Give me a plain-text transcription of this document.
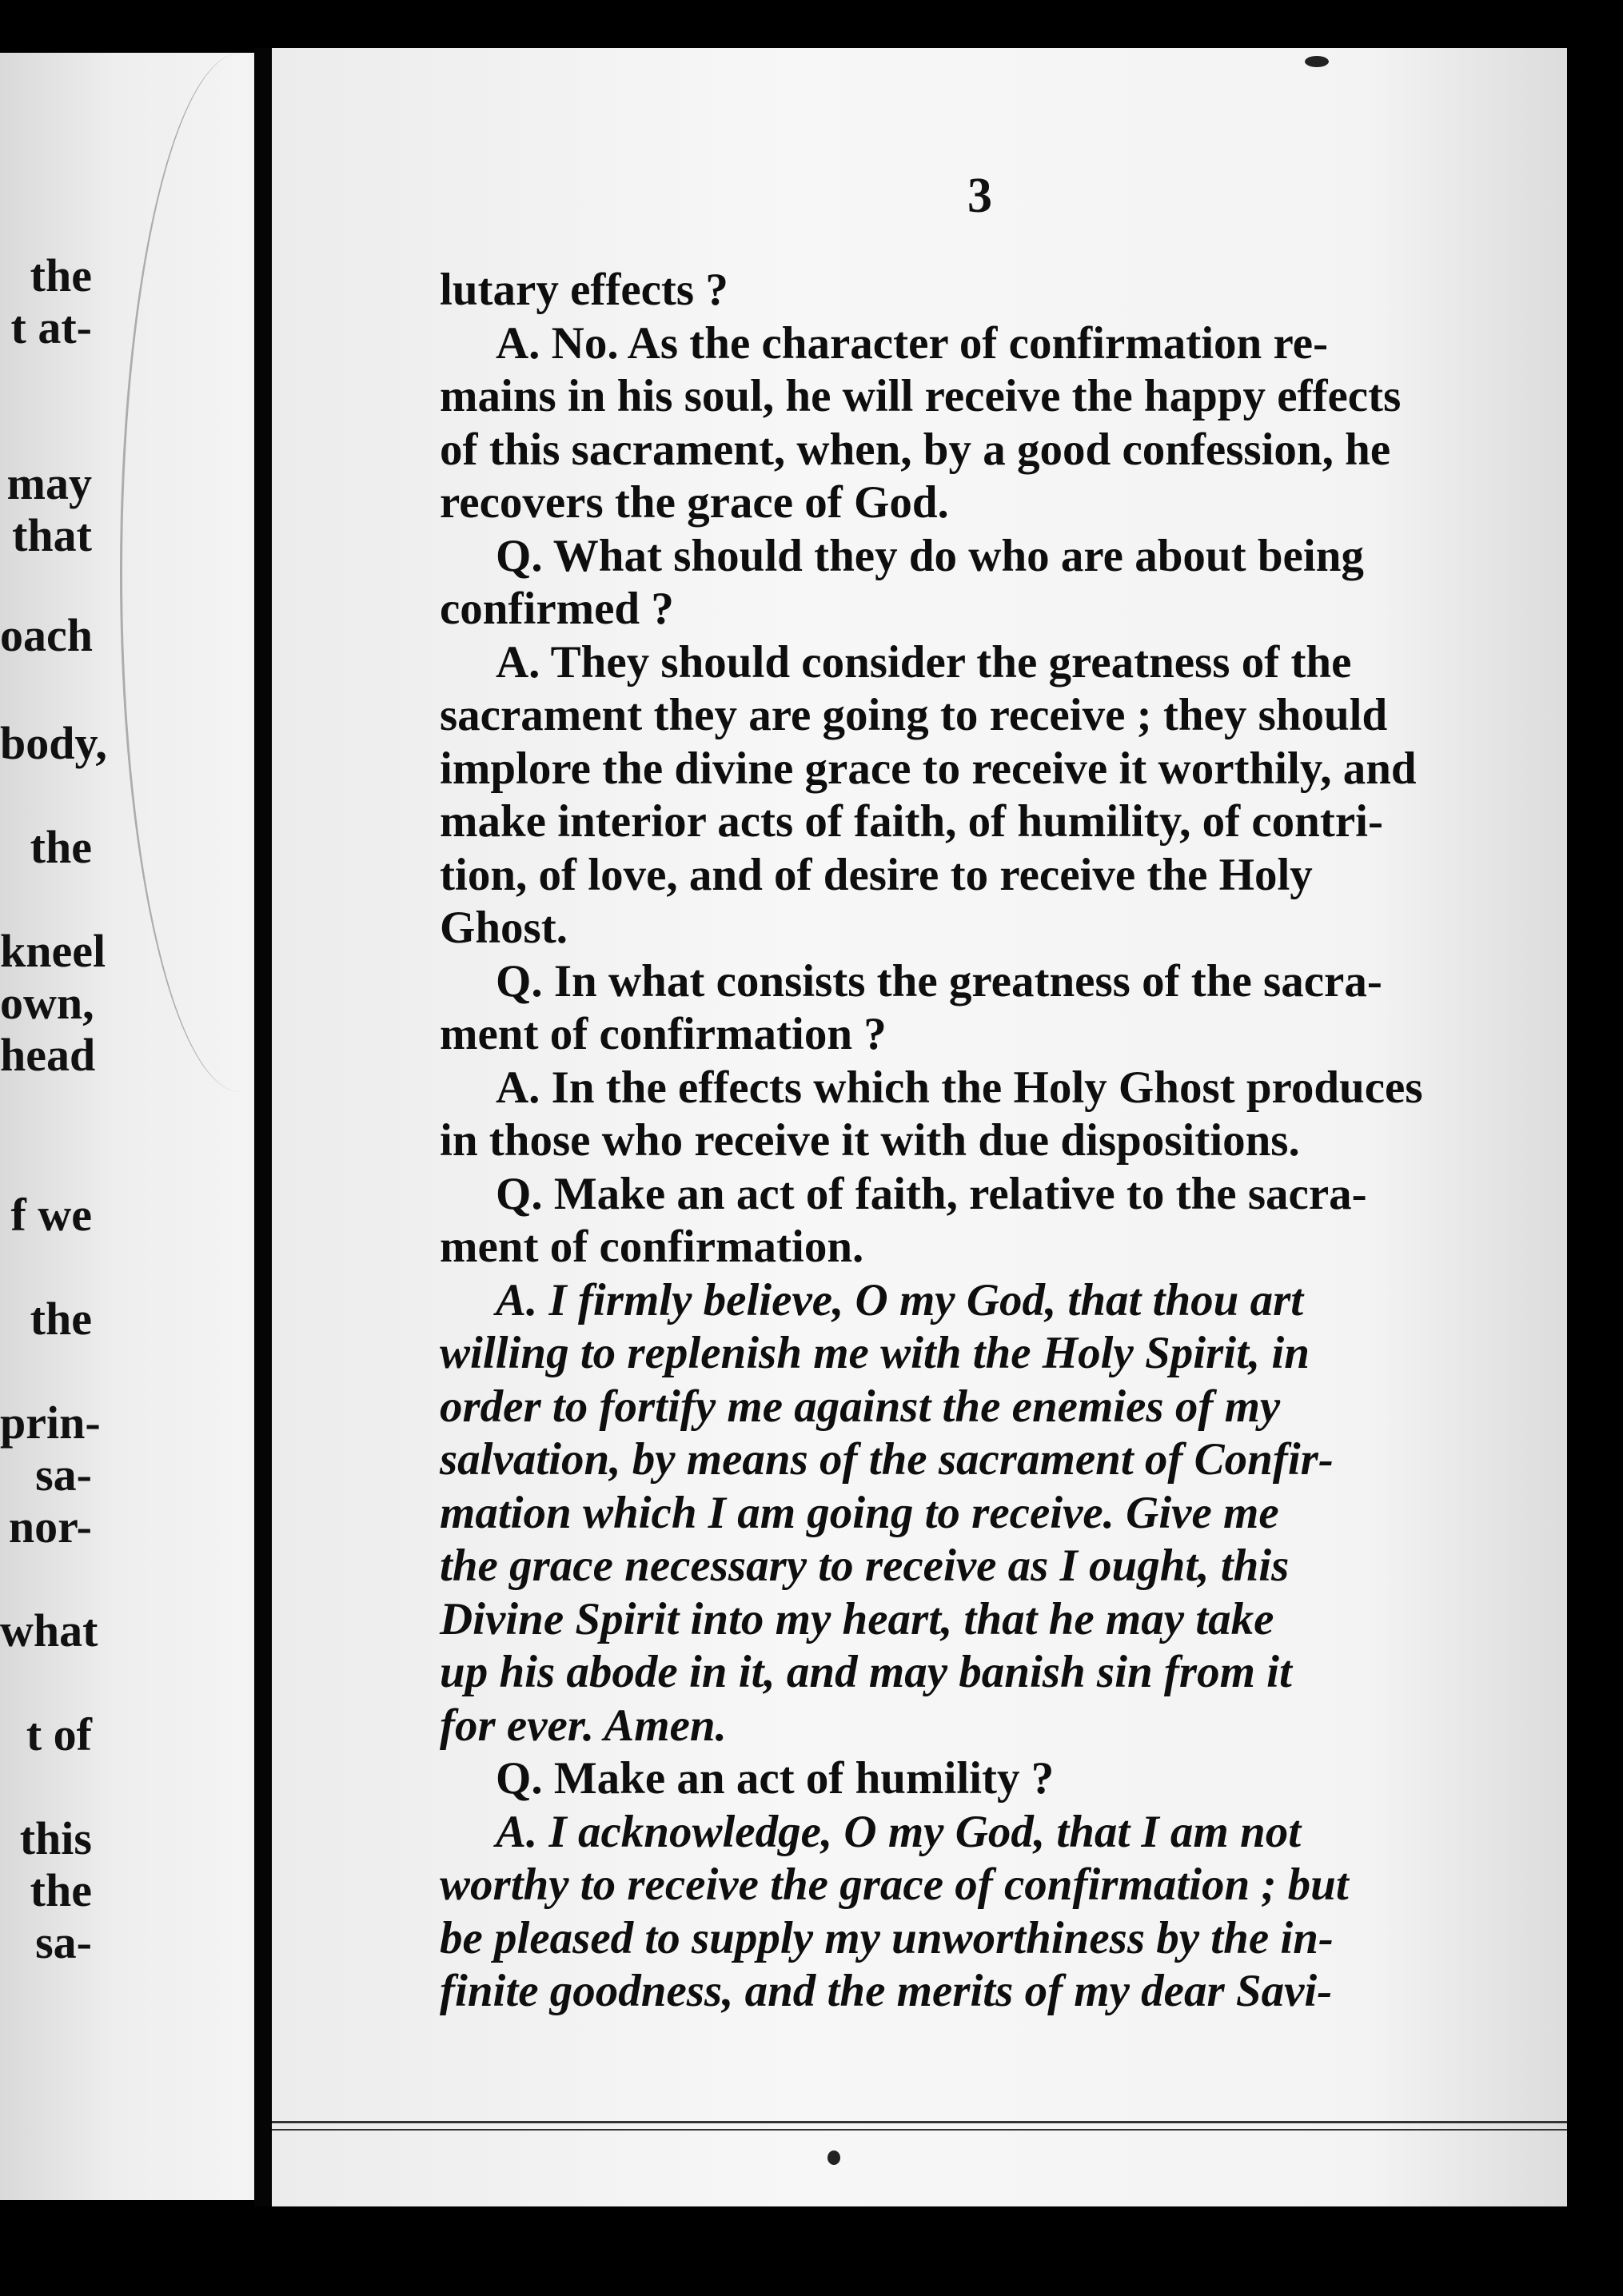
the
t at-
may
that
oach
body,
the
kneel
own,
head
f we
the
prin-
sa-
nor-
what
t of
this
the
sa-
3

lutary effects ?

A. No. As the character of confirmation re-

mains in his soul, he will receive the happy effects

of this sacrament, when, by a good confession, he

recovers the grace of God.

Q. What should they do who are about being

confirmed ?

A. They should consider the greatness of the

sacrament they are going to receive ; they should

implore the divine grace to receive it worthily, and

make interior acts of faith, of humility, of contri-

tion, of love, and of desire to receive the Holy

Ghost.

Q. In what consists the greatness of the sacra-

ment of confirmation ?

A. In the effects which the Holy Ghost produces

in those who receive it with due dispositions.

Q. Make an act of faith, relative to the sacra-

ment of confirmation.

A. I firmly believe, O my God, that thou art

willing to replenish me with the Holy Spirit, in

order to fortify me against the enemies of my

salvation, by means of the sacrament of Confir-

mation which I am going to receive. Give me

the grace necessary to receive as I ought, this

Divine Spirit into my heart, that he may take

up his abode in it, and may banish sin from it

for ever. Amen.

Q. Make an act of humility ?

A. I acknowledge, O my God, that I am not

worthy to receive the grace of confirmation ; but

be pleased to supply my unworthiness by the in-

finite goodness, and the merits of my dear Savi-
